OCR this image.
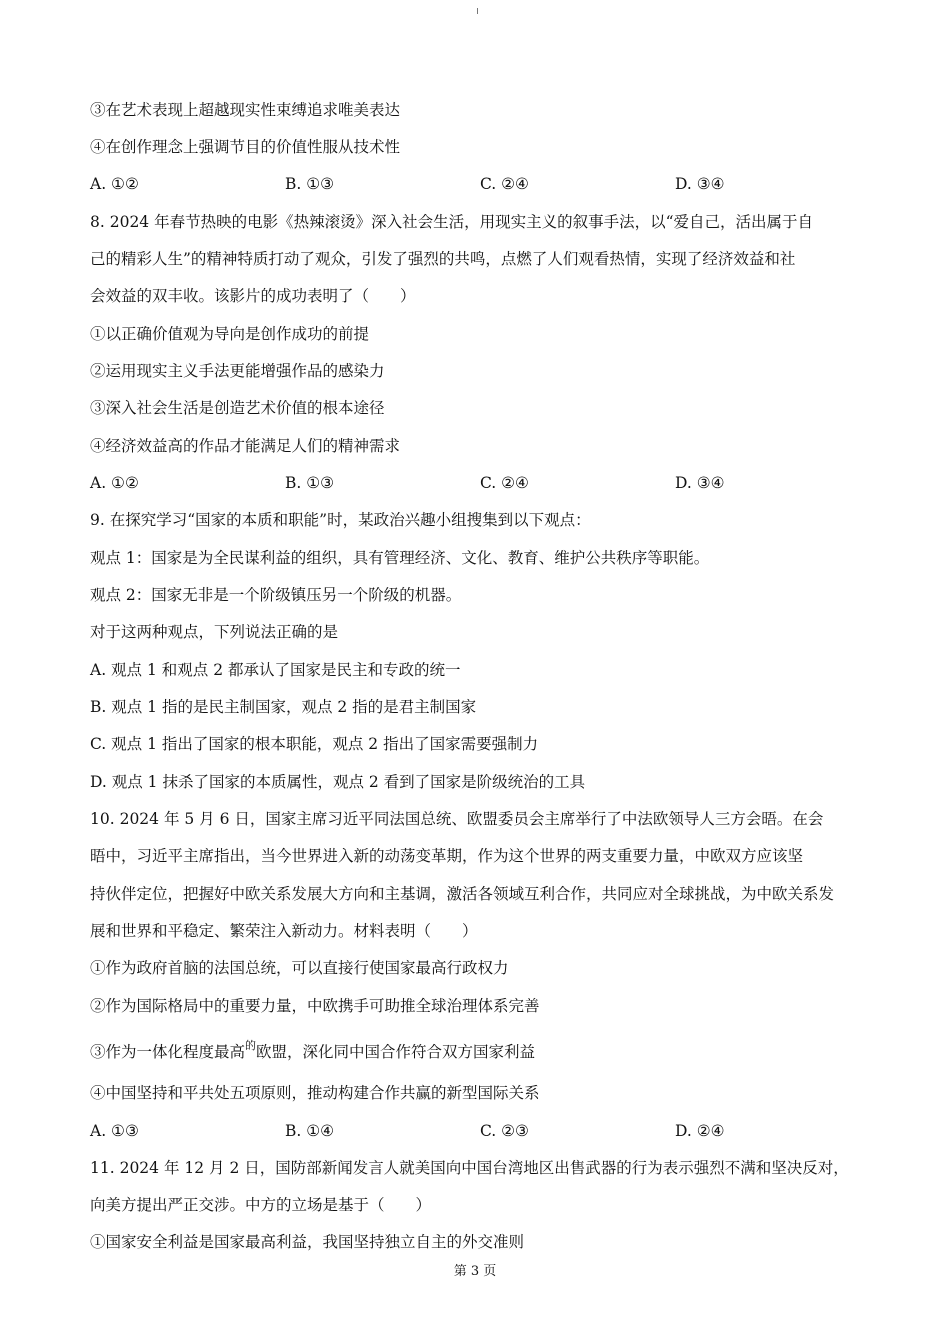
③在艺术表现上超越现实性束缚追求唯美表达
④在创作理念上强调节目的价值性服从技术性
A. ①②	B. ①③	C. ②④	D. ③④
8. 2024 年春节热映的电影《热辣滚烫》深入社会生活，用现实主义的叙事手法，以“爱自己，活出属于自
己的精彩人生”的精神特质打动了观众，引发了强烈的共鸣，点燃了人们观看热情，实现了经济效益和社
会效益的双丰收。该影片的成功表明了（　　）
①以正确价值观为导向是创作成功的前提
②运用现实主义手法更能增强作品的感染力
③深入社会生活是创造艺术价值的根本途径
④经济效益高的作品才能满足人们的精神需求
A. ①②	B. ①③	C. ②④	D. ③④
9. 在探究学习“国家的本质和职能”时，某政治兴趣小组搜集到以下观点：
观点 1：国家是为全民谋利益的组织，具有管理经济、文化、教育、维护公共秩序等职能。
观点 2：国家无非是一个阶级镇压另一个阶级的机器。
对于这两种观点，下列说法正确的是
A. 观点 1 和观点 2 都承认了国家是民主和专政的统一
B. 观点 1 指的是民主制国家，观点 2 指的是君主制国家
C. 观点 1 指出了国家的根本职能，观点 2 指出了国家需要强制力
D. 观点 1 抹杀了国家的本质属性，观点 2 看到了国家是阶级统治的工具
10. 2024 年 5 月 6 日，国家主席习近平同法国总统、欧盟委员会主席举行了中法欧领导人三方会晤。在会
晤中，习近平主席指出，当今世界进入新的动荡变革期，作为这个世界的两支重要力量，中欧双方应该坚
持伙伴定位，把握好中欧关系发展大方向和主基调，激活各领域互利合作，共同应对全球挑战，为中欧关系发
展和世界和平稳定、繁荣注入新动力。材料表明（　　）
①作为政府首脑的法国总统，可以直接行使国家最高行政权力
②作为国际格局中的重要力量，中欧携手可助推全球治理体系完善
③作为一体化程度最高$^的$欧盟，深化同中国合作符合双方国家利益
④中国坚持和平共处五项原则，推动构建合作共赢的新型国际关系
A. ①③	B. ①④	C. ②③	D. ②④
11. 2024 年 12 月 2 日，国防部新闻发言人就美国向中国台湾地区出售武器的行为表示强烈不满和坚决反对，
向美方提出严正交涉。中方的立场是基于（　　）
①国家安全利益是国家最高利益，我国坚持独立自主的外交准则
第 3 页
